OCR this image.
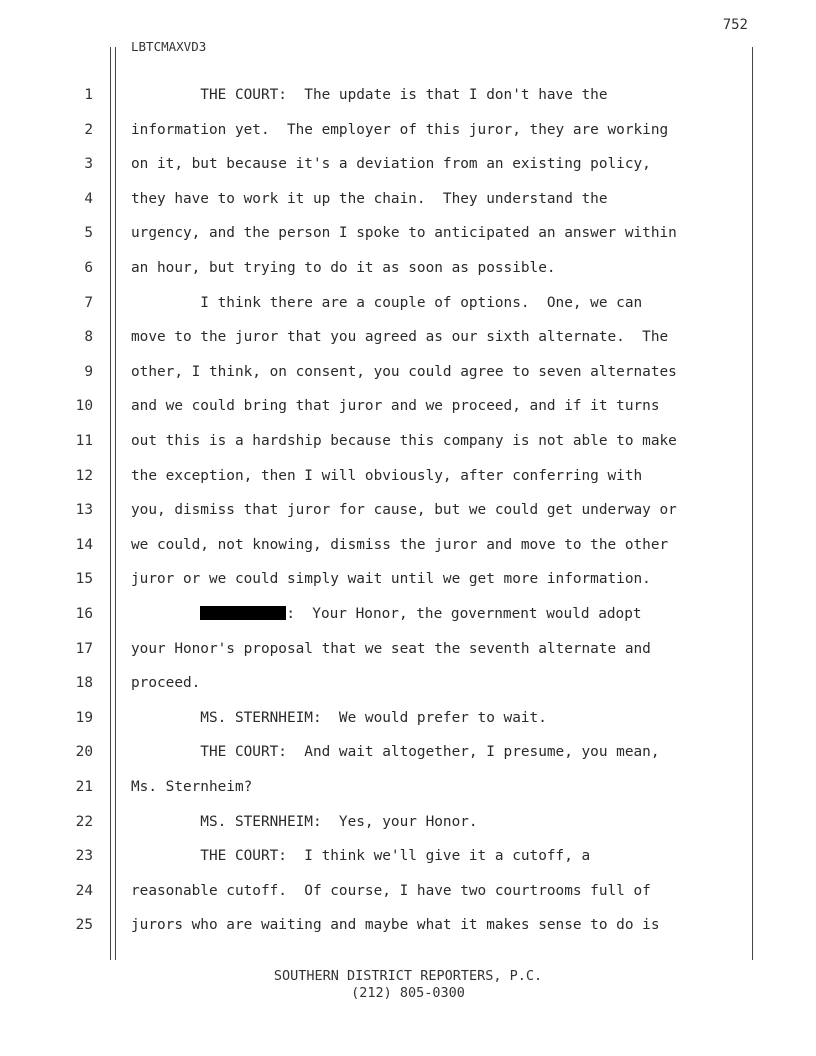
752
LBTCMAXVD3
1	THE COURT:  The update is that I don't have the
2	information yet.  The employer of this juror, they are working
3	on it, but because it's a deviation from an existing policy,
4	they have to work it up the chain.  They understand the
5	urgency, and the person I spoke to anticipated an answer within
6	an hour, but trying to do it as soon as possible.
7	I think there are a couple of options.  One, we can
8	move to the juror that you agreed as our sixth alternate.  The
9	other, I think, on consent, you could agree to seven alternates
10	and we could bring that juror and we proceed, and if it turns
11	out this is a hardship because this company is not able to make
12	the exception, then I will obviously, after conferring with
13	you, dismiss that juror for cause, but we could get underway or
14	we could, not knowing, dismiss the juror and move to the other
15	juror or we could simply wait until we get more information.
16	:  Your Honor, the government would adopt
17	your Honor's proposal that we seat the seventh alternate and
18	proceed.
19	MS. STERNHEIM:  We would prefer to wait.
20	THE COURT:  And wait altogether, I presume, you mean,
21	Ms. Sternheim?
22	MS. STERNHEIM:  Yes, your Honor.
23	THE COURT:  I think we'll give it a cutoff, a
24	reasonable cutoff.  Of course, I have two courtrooms full of
25	jurors who are waiting and maybe what it makes sense to do is
SOUTHERN DISTRICT REPORTERS, P.C.
(212) 805-0300
